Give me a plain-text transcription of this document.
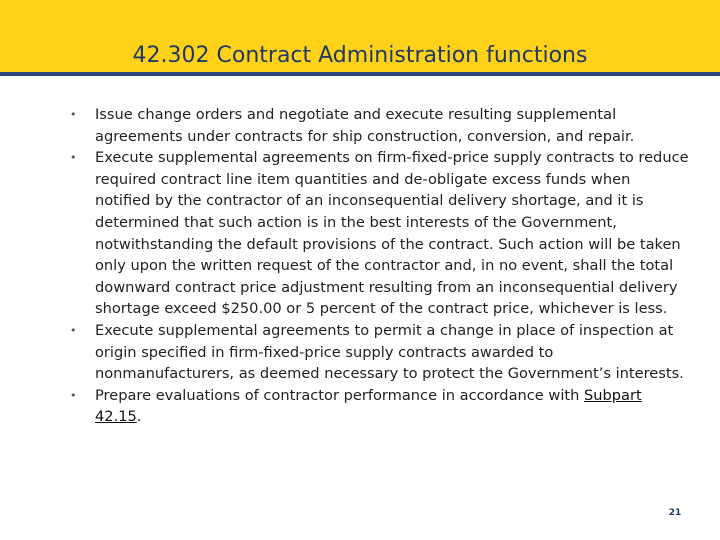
42.302 Contract Administration functions
• Issue change orders and negotiate and execute resulting supplemental agreements under contracts for ship construction, conversion, and repair.
• Execute supplemental agreements on firm-fixed-price supply contracts to reduce required contract line item quantities and de-obligate excess funds when notified by the contractor of an inconsequential delivery shortage, and it is determined that such action is in the best interests of the Government, notwithstanding the default provisions of the contract. Such action will be taken only upon the written request of the contractor and, in no event, shall the total downward contract price adjustment resulting from an inconsequential delivery shortage exceed $250.00 or 5 percent of the contract price, whichever is less.
• Execute supplemental agreements to permit a change in place of inspection at origin specified in firm-fixed-price supply contracts awarded to nonmanufacturers, as deemed necessary to protect the Government’s interests.
• Prepare evaluations of contractor performance in accordance with Subpart 42.15.
21
